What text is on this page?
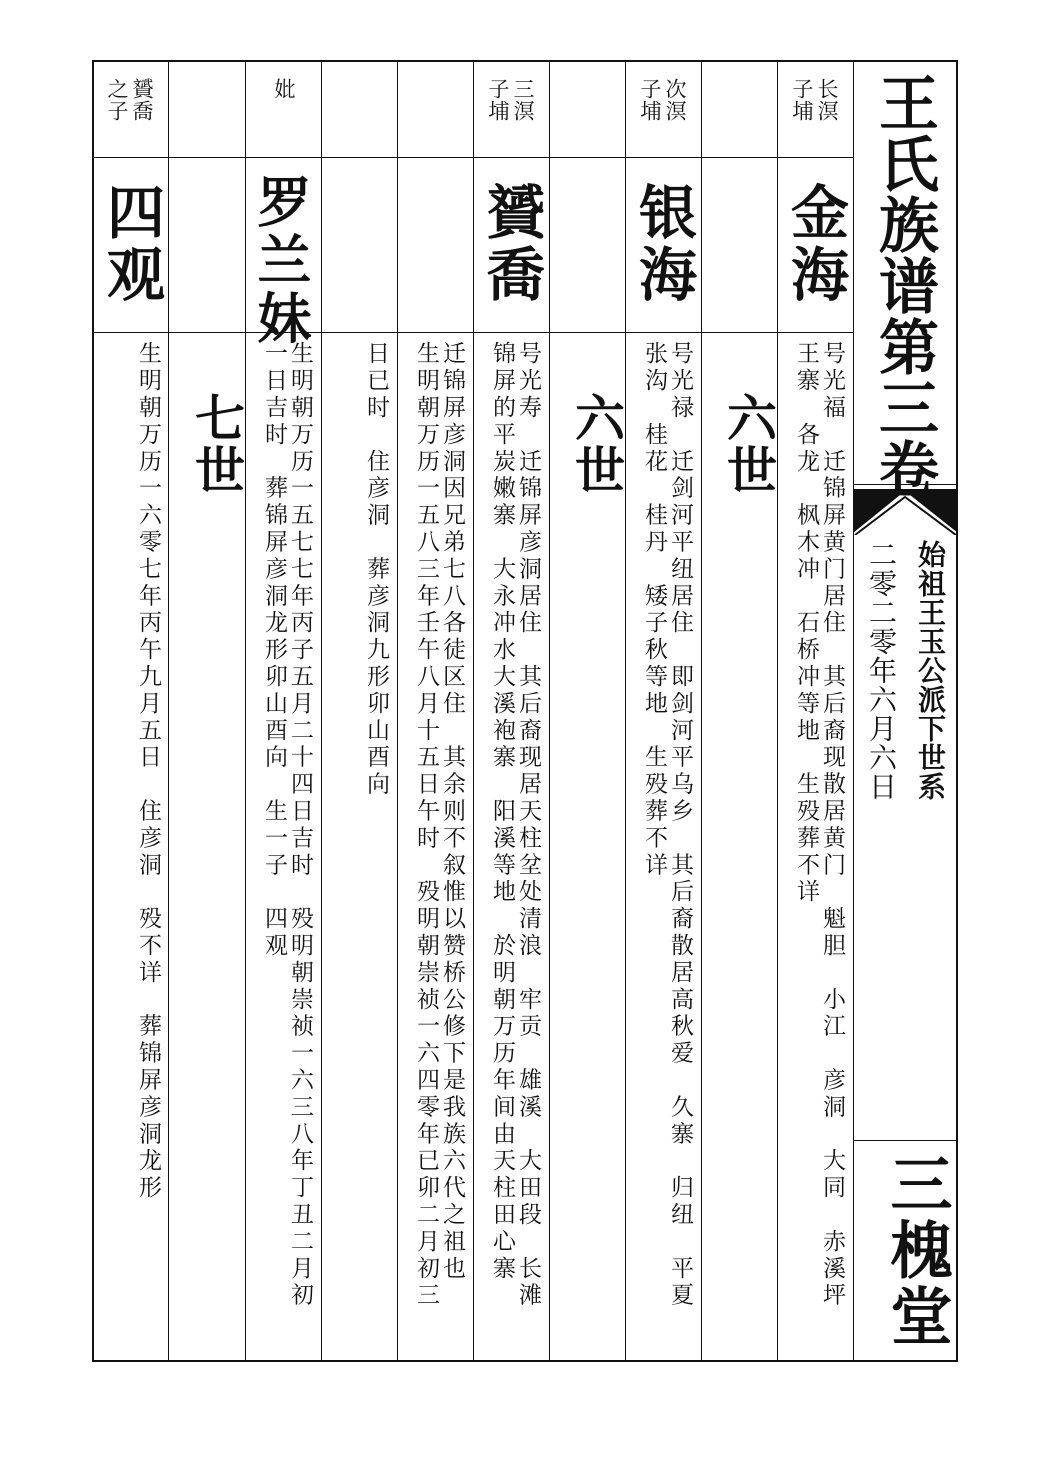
王氏族谱第三卷
始祖王玉公派下世系
二零二零年六月六日
三槐堂
长溟
子埔
金海
号光福　迁锦屏黄门居住　其后裔现散居黄门　魁胆　小江　彦洞　大同　赤溪坪
王寨　各龙　枫木冲　石桥冲等地　生殁葬不详
六世
次溟
子埔
银海
号光禄　迁剑河平纽居住　即剑河平乌乡　其后裔散居高秋爱　久寨　归纽　平夏
张沟　桂花　桂丹　矮子秋等地　生殁葬不详
六世
三溟
子埔
贇喬
号光寿　迁锦屏彦洞居住　其后裔现居天柱坌处清浪　牢贡　雄溪　大田段　长滩
锦屏的平炭嫩寨　大永冲水大溪袍寨　阳溪等地　於明朝万历年间由天柱田心寨
迁锦屏彦洞因兄弟七八各徒区住　其余则不叙惟以赞桥公修下是我族六代之祖也
生明朝万历一五八三年壬午八月十五日午时　殁明朝崇祯一六四零年已卯二月初三
日已时　住彦洞　葬彦洞九形卯山酉向
妣
罗兰妹
生明朝万历一五七七年丙子五月二十四日吉时　殁明朝崇祯一六三八年丁丑二月初
一日吉时　葬锦屏彦洞龙形卯山酉向　生一子　四观
七世
贇喬
之子
四观
生明朝万历一六零七年丙午九月五日　住彦洞　殁不详　葬锦屏彦洞龙形
